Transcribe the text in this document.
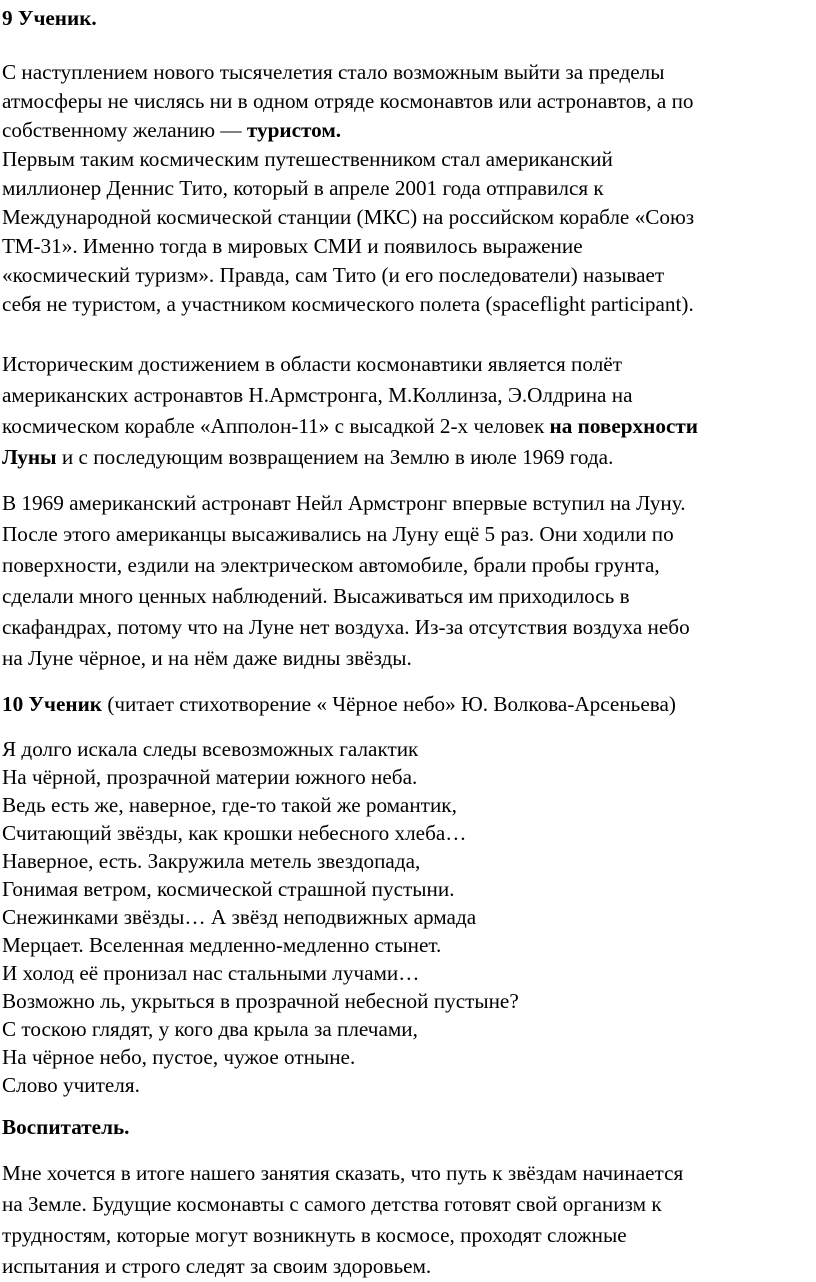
9 Ученик.

С наступлением нового тысячелетия стало возможным выйти за пределы
атмосферы не числясь ни в одном отряде космонавтов или астронавтов, а по
собственному желанию — туристом.
Первым таким космическим путешественником стал американский
миллионер Деннис Тито, который в апреле 2001 года отправился к
Международной космической станции (МКС) на российском корабле «Союз
ТМ-31». Именно тогда в мировых СМИ и появилось выражение
«космический туризм». Правда, сам Тито (и его последователи) называет
себя не туристом, а участником космического полета (spaceflight participant).

Историческим достижением в области космонавтики является полёт
американских астронавтов Н.Армстронга, М.Коллинза, Э.Олдрина на
космическом корабле «Апполон-11» с высадкой 2-х человек на поверхности
Луны и с последующим возвращением на Землю в июле 1969 года.

В 1969 американский астронавт Нейл Армстронг впервые вступил на Луну.
После этого американцы высаживались на Луну ещё 5 раз. Они ходили по
поверхности, ездили на электрическом автомобиле, брали пробы грунта,
сделали много ценных наблюдений. Высаживаться им приходилось в
скафандрах, потому что на Луне нет воздуха. Из-за отсутствия воздуха небо
на Луне чёрное, и на нём даже видны звёзды.

10 Ученик (читает стихотворение « Чёрное небо» Ю. Волкова-Арсеньева)

Я долго искала следы всевозможных галактик
На чёрной, прозрачной материи южного неба.
Ведь есть же, наверное, где-то такой же романтик,
Считающий звёзды, как крошки небесного хлеба…
Наверное, есть. Закружила метель звездопада,
Гонимая ветром, космической страшной пустыни.
Снежинками звёзды… А звёзд неподвижных армада
Мерцает. Вселенная медленно-медленно стынет.
И холод её пронизал нас стальными лучами…
Возможно ль, укрыться в прозрачной небесной пустыне?
С тоскою глядят, у кого два крыла за плечами,
На чёрное небо, пустое, чужое отныне.
Слово учителя.

Воспитатель.

Мне хочется в итоге нашего занятия сказать, что путь к звёздам начинается
на Земле. Будущие космонавты с самого детства готовят свой организм к
трудностям, которые могут возникнуть в космосе, проходят сложные
испытания и строго следят за своим здоровьем.
